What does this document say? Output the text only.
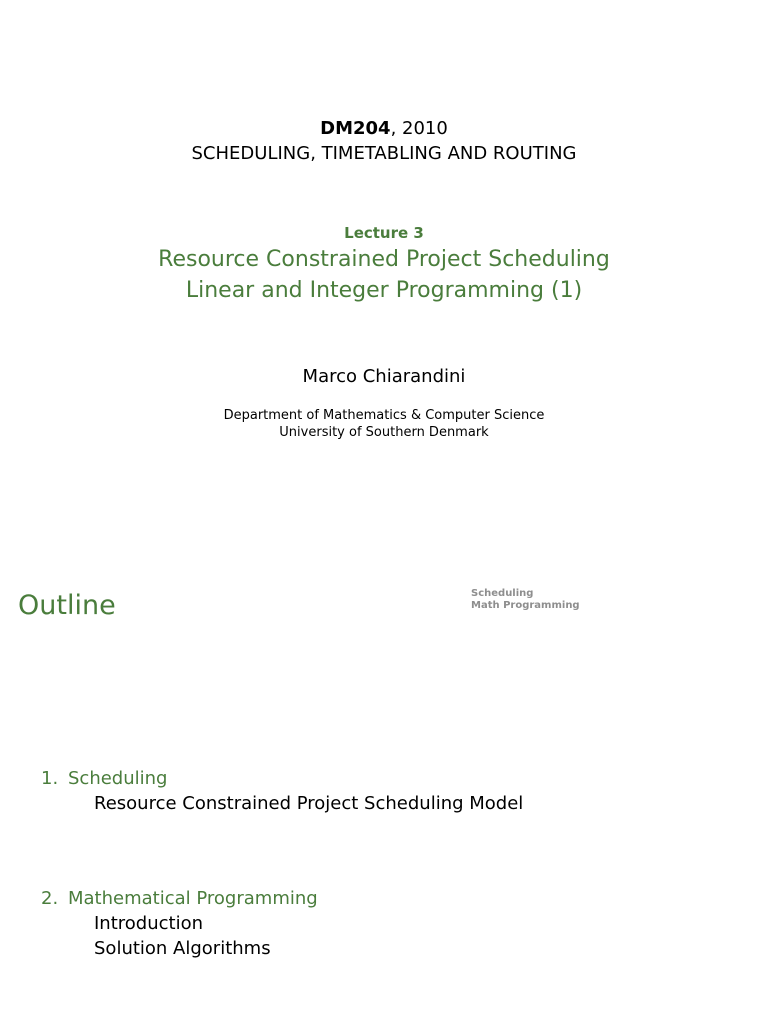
DM204, 2010
SCHEDULING, TIMETABLING AND ROUTING
Lecture 3
Resource Constrained Project Scheduling
Linear and Integer Programming (1)
Marco Chiarandini
Department of Mathematics & Computer Science
University of Southern Denmark
Outline	Scheduling
Math Programming
1. Scheduling
Resource Constrained Project Scheduling Model
2. Mathematical Programming
Introduction
Solution Algorithms
